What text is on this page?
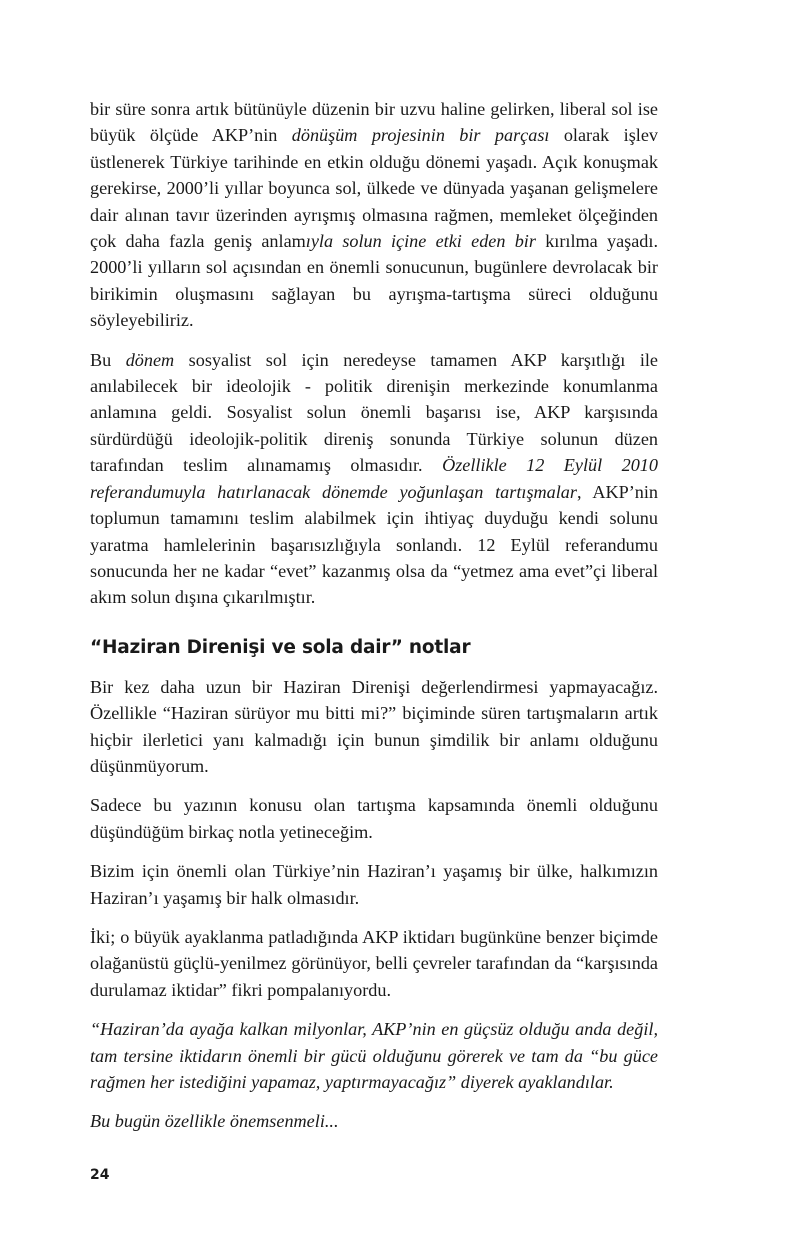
bir süre sonra artık bütünüyle düzenin bir uzvu haline gelirken, liberal sol ise büyük ölçüde AKP’nin dönüşüm projesinin bir parçası olarak işlev üstlenerek Türkiye tarihinde en etkin olduğu dönemi yaşadı. Açık konuşmak gerekirse, 2000’li yıllar boyunca sol, ülkede ve dünyada yaşanan gelişmelere dair alınan tavır üzerinden ayrışmış olmasına rağmen, memleket ölçeğinden çok daha fazla geniş anlamıyla solun içine etki eden bir kırılma yaşadı. 2000’li yılların sol açısından en önemli sonucunun, bugünlere devrolacak bir birikimin oluşmasını sağlayan bu ayrışma-tartışma süreci olduğunu söyleyebiliriz.

Bu dönem sosyalist sol için neredeyse tamamen AKP karşıtlığı ile anılabilecek bir ideolojik - politik direnişin merkezinde konumlanma anlamına geldi. Sosyalist solun önemli başarısı ise, AKP karşısında sürdürdüğü ideolojik-politik direniş sonunda Türkiye solunun düzen tarafından teslim alınamamış olmasıdır. Özellikle 12 Eylül 2010 referandumuyla hatırlanacak dönemde yoğunlaşan tartışmalar, AKP’nin toplumun tamamını teslim alabilmek için ihtiyaç duyduğu kendi solunu yaratma hamlelerinin başarısızlığıyla sonlandı. 12 Eylül referandumu sonucunda her ne kadar “evet” kazanmış olsa da “yetmez ama evet”çi liberal akım solun dışına çıkarılmıştır.

“Haziran Direnişi ve sola dair” notlar

Bir kez daha uzun bir Haziran Direnişi değerlendirmesi yapmayacağız. Özellikle “Haziran sürüyor mu bitti mi?” biçiminde süren tartışmaların artık hiçbir ilerletici yanı kalmadığı için bunun şimdilik bir anlamı olduğunu düşünmüyorum.

Sadece bu yazının konusu olan tartışma kapsamında önemli olduğunu düşündüğüm birkaç notla yetineceğim.

Bizim için önemli olan Türkiye’nin Haziran’ı yaşamış bir ülke, halkımızın Haziran’ı yaşamış bir halk olmasıdır.

İki; o büyük ayaklanma patladığında AKP iktidarı bugünküne benzer biçimde olağanüstü güçlü-yenilmez görünüyor, belli çevreler tarafından da “karşısında durulamaz iktidar” fikri pompalanıyordu.

“Haziran’da ayağa kalkan milyonlar, AKP’nin en güçsüz olduğu anda değil, tam tersine iktidarın önemli bir gücü olduğunu görerek ve tam da “bu güce rağmen her istediğini yapamaz, yaptırmayacağız” diyerek ayaklandılar.

Bu bugün özellikle önemsenmeli...

24
